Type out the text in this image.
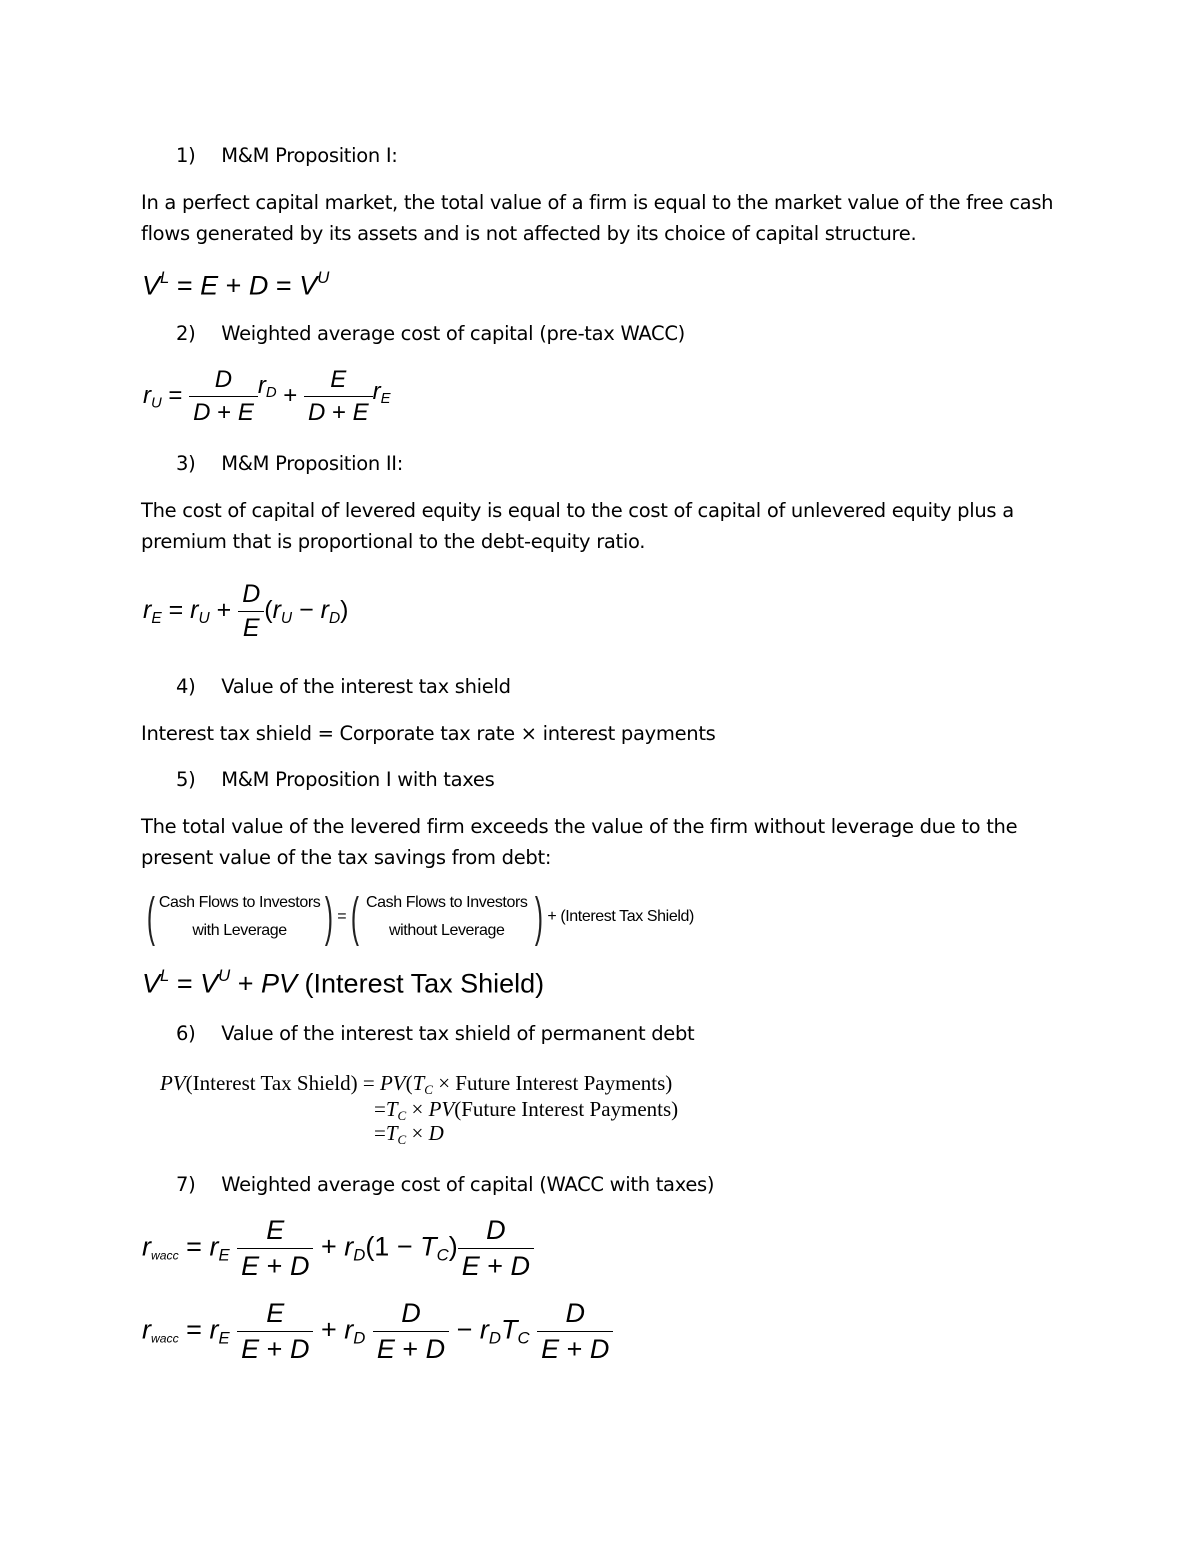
1) M&M Proposition I:
In a perfect capital market, the total value of a firm is equal to the market value of the free cash
flows generated by its assets and is not affected by its choice of capital structure.
$V^L = E + D = V^U$
2) Weighted average cost of capital (pre-tax WACC)
$r_U = \frac{D}{D + E} r^D + \frac{E}{D + E} r_E$
3) M&M Proposition II:
The cost of capital of levered equity is equal to the cost of capital of unlevered equity plus a
premium that is proportional to the debt-equity ratio.
$r_E = r_U + \frac{D}{E} (r_U - r_D)$
4) Value of the interest tax shield
Interest tax shield = Corporate tax rate × interest payments
5) M&M Proposition I with taxes
The total value of the levered firm exceeds the value of the firm without leverage due to the
present value of the tax savings from debt:
( Cash Flows to Investors
with Leverage ) =( Cash Flows to Investors
without Leverage ) + (Interest Tax Shield)
$V^L = V^U$ + PV (Interest Tax Shield)
6) Value of the interest tax shield of permanent debt
PV(Interest Tax Shield) = $PV(T_C$ × Future Interest Payments)
$=T_C$ × PV(Future Interest Payments)
$=T_C \times D$
7) Weighted average cost of capital (WACC with taxes)
$r_{wacc} = r_E \frac{E}{E + D} + r_D(1 - T_C) \frac{D}{E + D}$
$r_{wacc} = r_E \frac{E}{E + D} + r_D \frac{D}{E + D} - r_DT_C \frac{D}{E + D}$
